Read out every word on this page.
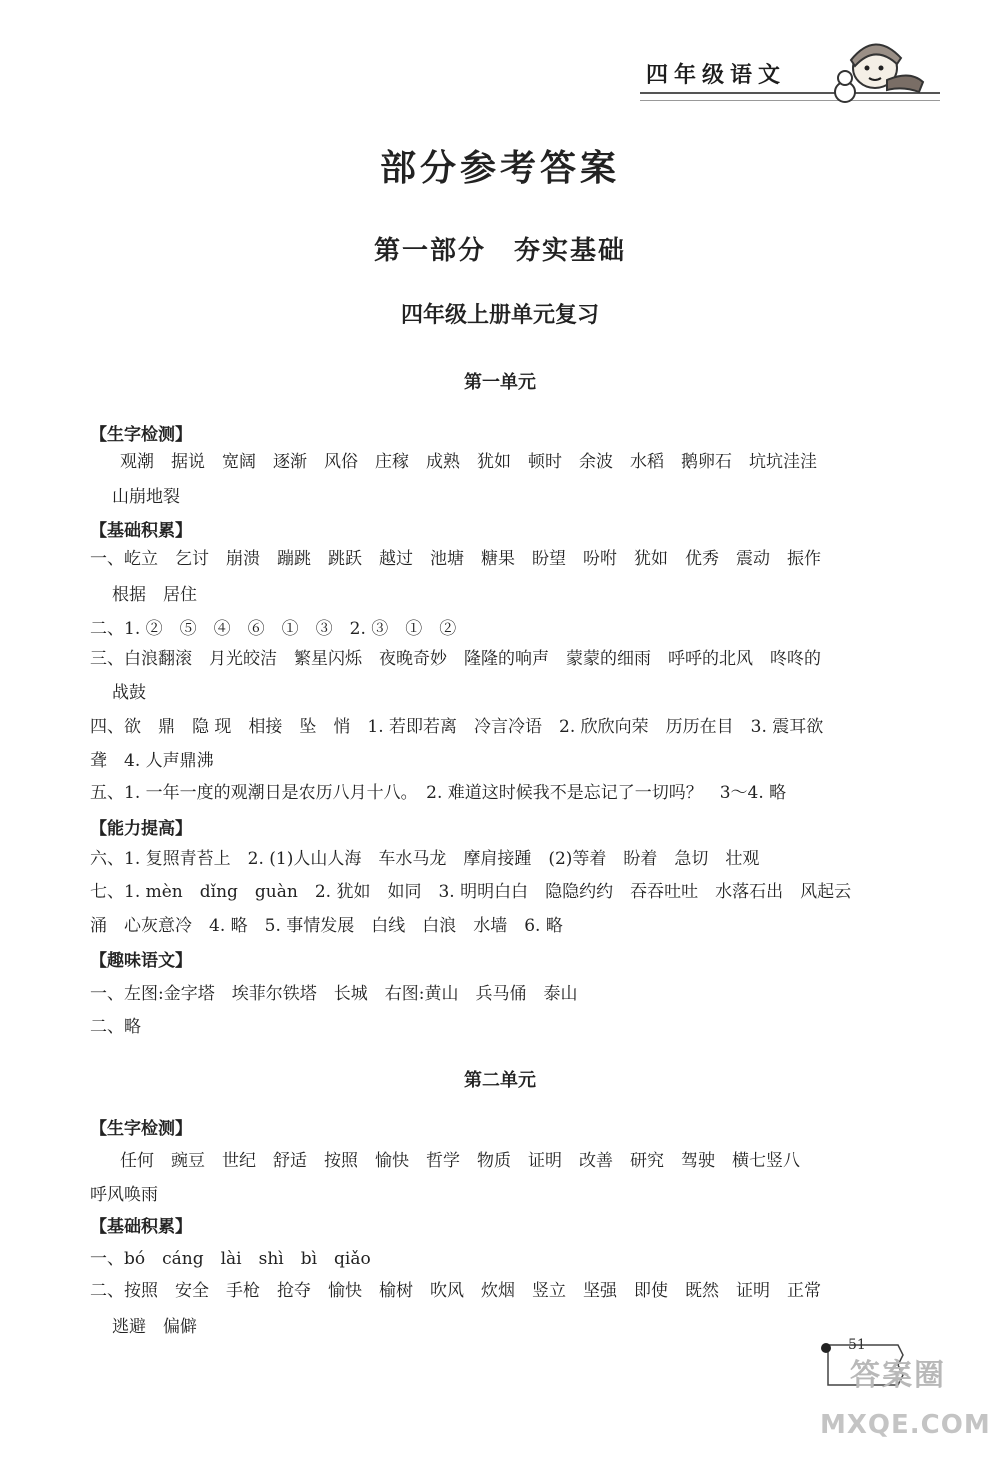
四年级语文
部分参考答案
第一部分　夯实基础
四年级上册单元复习
第一单元
【生字检测】
观潮　据说　宽阔　逐渐　风俗　庄稼　成熟　犹如　顿时　余波　水稻　鹅卵石　坑坑洼洼
山崩地裂
【基础积累】
一、屹立　乞讨　崩溃　蹦跳　跳跃　越过　池塘　糖果　盼望　吩咐　犹如　优秀　震动　振作
根据　居住
二、1. ②　⑤　④　⑥　①　③　2. ③　①　②
三、白浪翻滚　月光皎洁　繁星闪烁　夜晚奇妙　隆隆的响声　蒙蒙的细雨　呼呼的北风　咚咚的
战鼓
四、欲　鼎　隐 现　相接　坠　悄　1. 若即若离　冷言冷语　2. 欣欣向荣　历历在目　3. 震耳欲
聋　4. 人声鼎沸
五、1. 一年一度的观潮日是农历八月十八。　2. 难道这时候我不是忘记了一切吗？　3～4. 略
【能力提高】
六、1. 复照青苔上　2. (1)人山人海　车水马龙　摩肩接踵　(2)等着　盼着　急切　壮观
七、1. mèn　dǐng　guàn　2. 犹如　如同　3. 明明白白　隐隐约约　吞吞吐吐　水落石出　风起云
涌　心灰意冷　4. 略　5. 事情发展　白线　白浪　水墙　6. 略
【趣味语文】
一、左图:金字塔　埃菲尔铁塔　长城　右图:黄山　兵马俑　泰山
二、略
第二单元
【生字检测】
任何　豌豆　世纪　舒适　按照　愉快　哲学　物质　证明　改善　研究　驾驶　横七竖八
呼风唤雨
【基础积累】
一、bó　cáng　lài　shì　bì　qiǎo
二、按照　安全　手枪　抢夺　愉快　榆树　吹风　炊烟　竖立　坚强　即使　既然　证明　正常
逃避　偏僻
51
答案圈
MXQE.COM
